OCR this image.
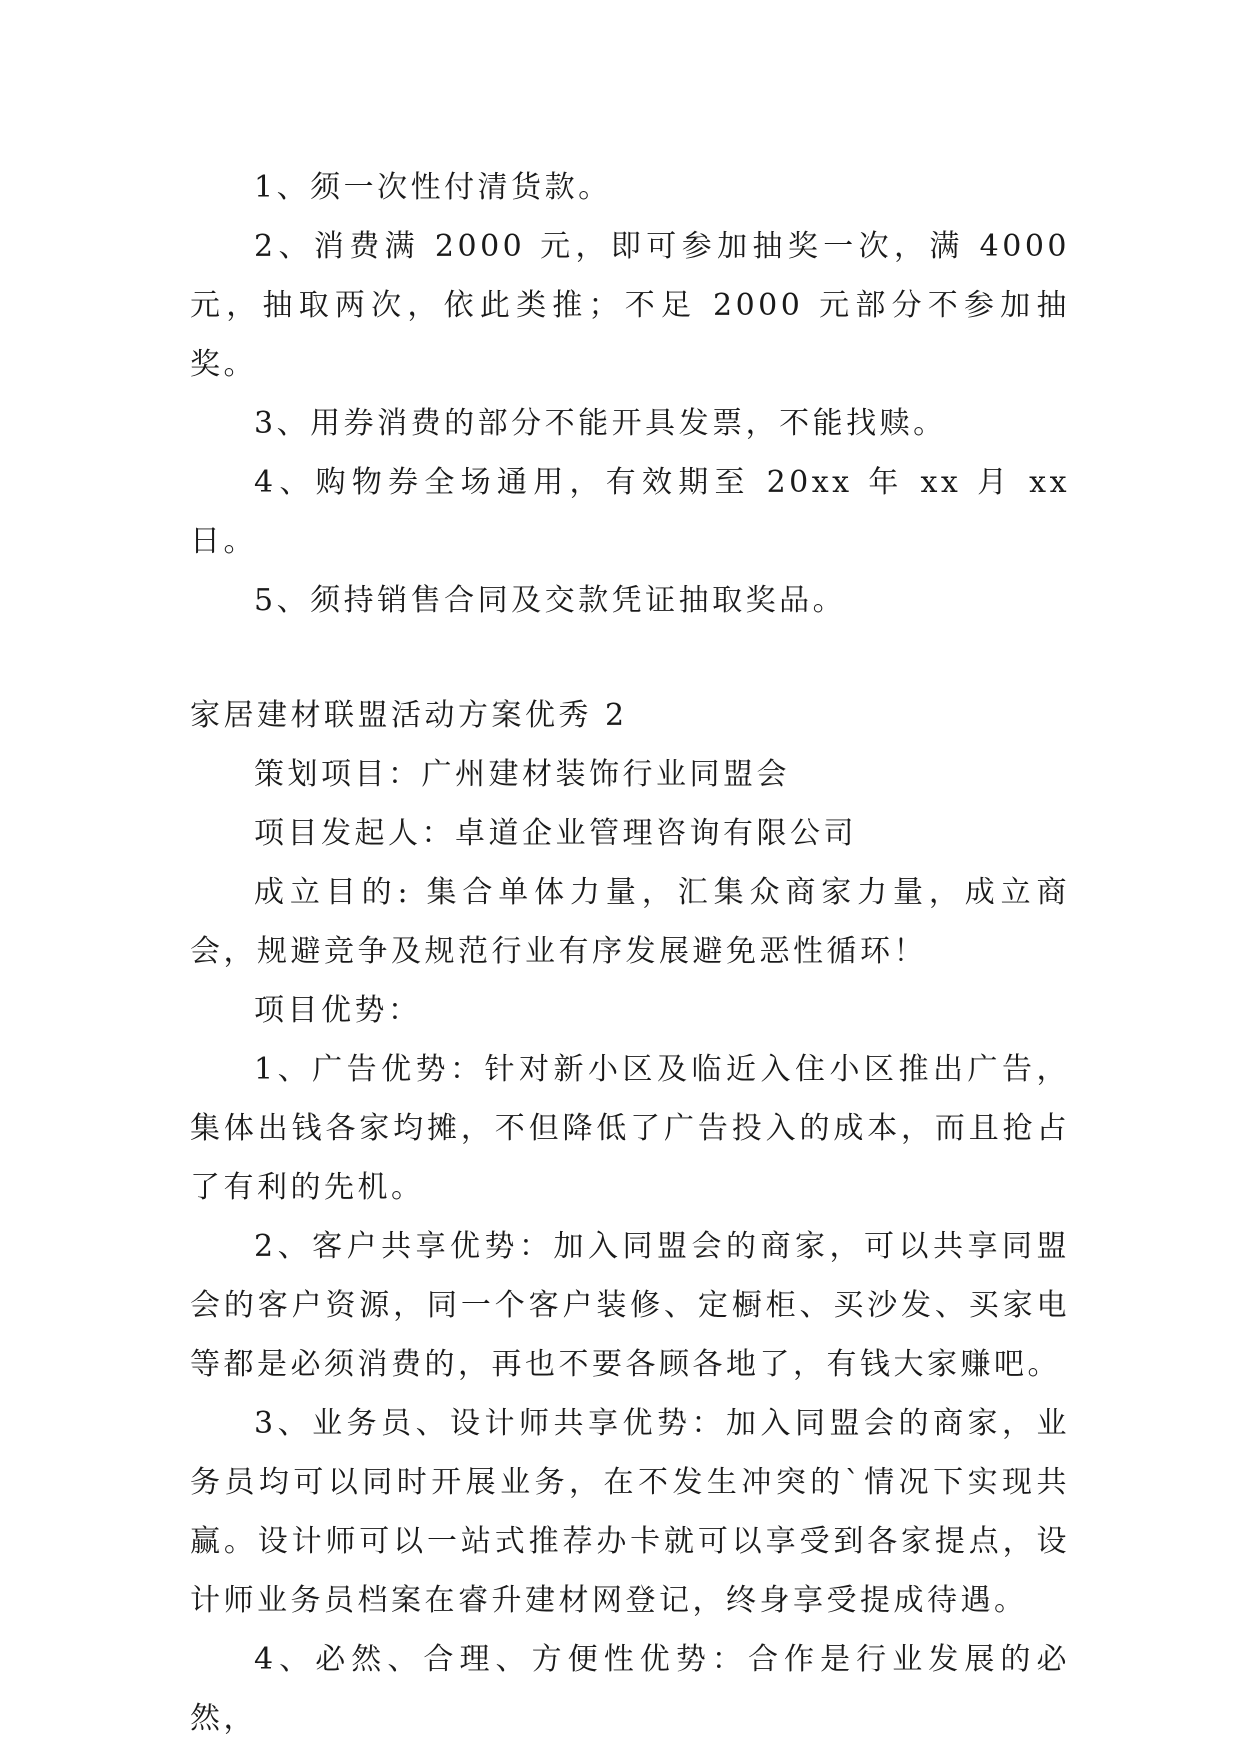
1、须一次性付清货款。

2、消费满 2000 元，即可参加抽奖一次，满 4000 元，抽取两次，依此类推；不足 2000 元部分不参加抽奖。

3、用券消费的部分不能开具发票，不能找赎。

4、购物券全场通用，有效期至 20xx 年 xx 月 xx 日。

5、须持销售合同及交款凭证抽取奖品。

家居建材联盟活动方案优秀 2

策划项目：广州建材装饰行业同盟会

项目发起人：卓道企业管理咨询有限公司

成立目的: 集合单体力量，汇集众商家力量，成立商会，规避竞争及规范行业有序发展避免恶性循环！

项目优势：

1、广告优势：针对新小区及临近入住小区推出广告，集体出钱各家均摊，不但降低了广告投入的成本，而且抢占了有利的先机。

2、客户共享优势：加入同盟会的商家，可以共享同盟会的客户资源，同一个客户装修、定橱柜、买沙发、买家电等都是必须消费的，再也不要各顾各地了，有钱大家赚吧。

3、业务员、设计师共享优势：加入同盟会的商家，业务员均可以同时开展业务，在不发生冲突的`情况下实现共赢。设计师可以一站式推荐办卡就可以享受到各家提点，设计师业务员档案在睿升建材网登记，终身享受提成待遇。

4、必然、合理、方便性优势：合作是行业发展的必然，
